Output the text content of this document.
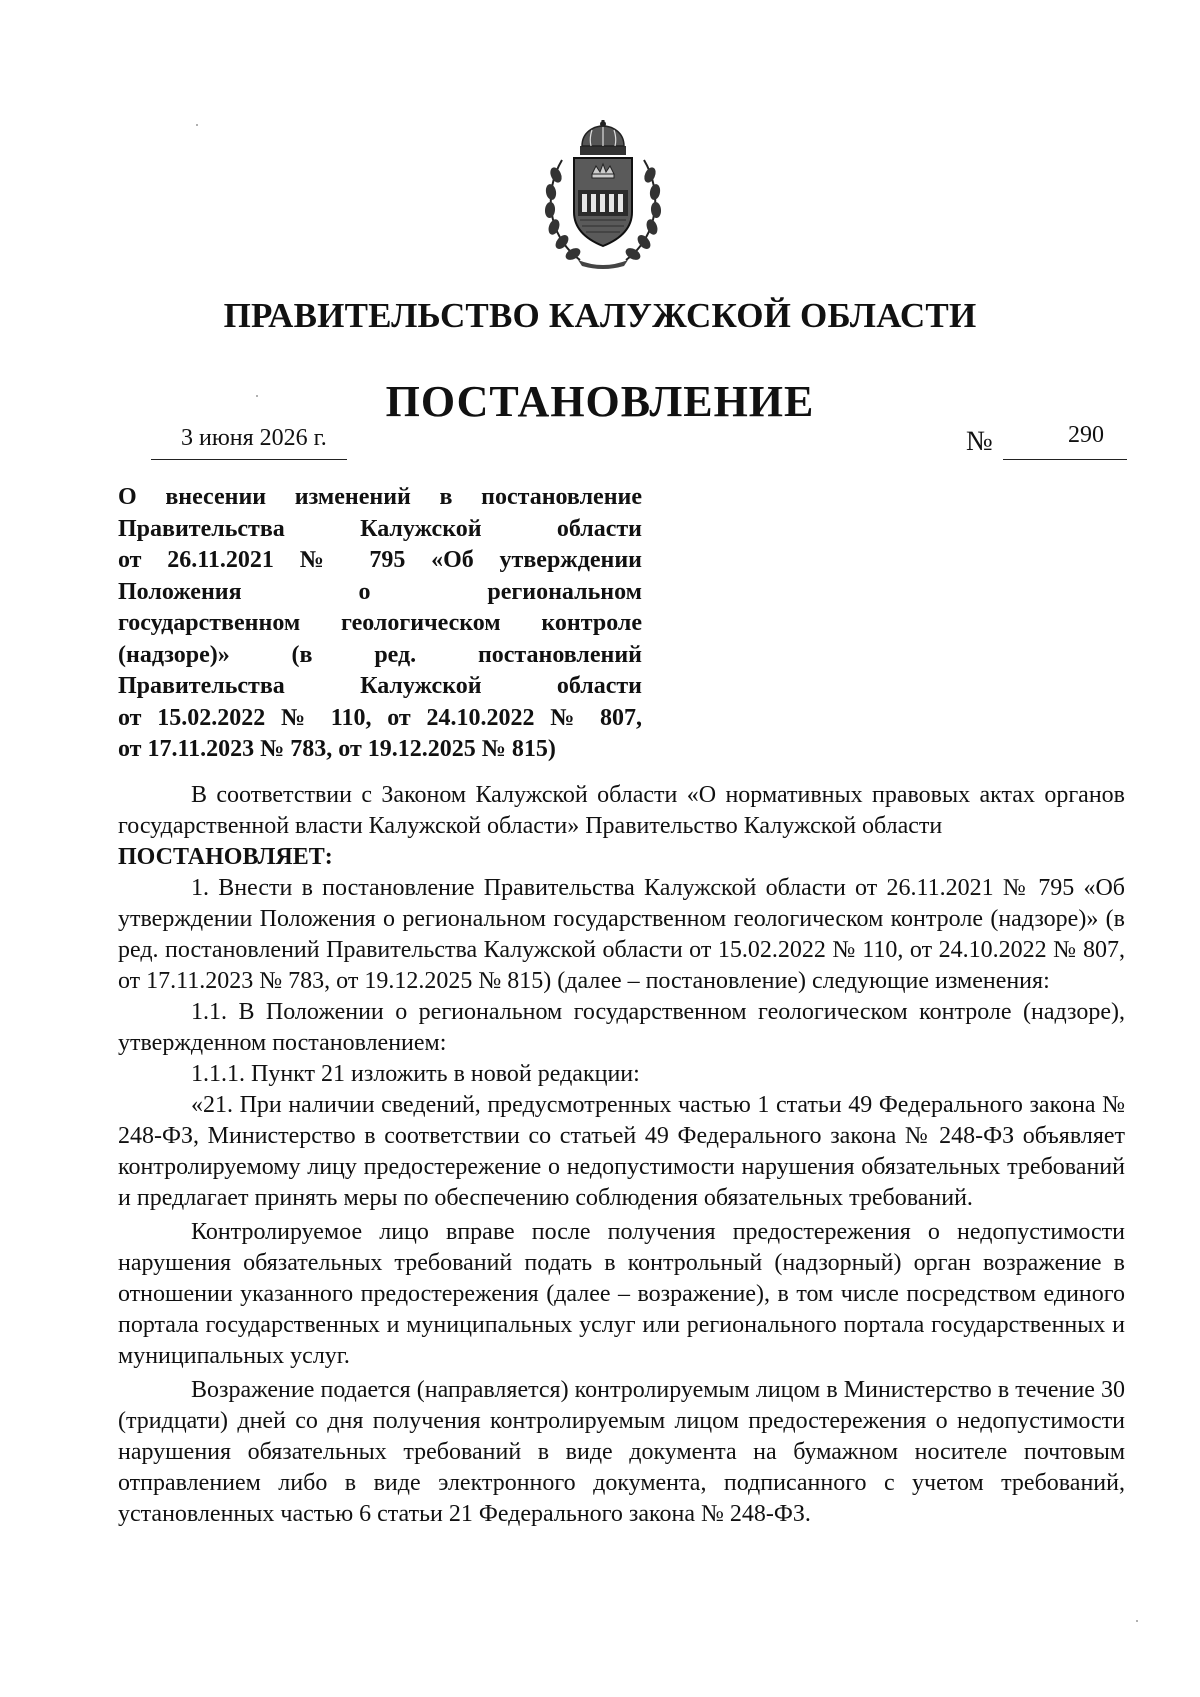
ПРАВИТЕЛЬСТВО КАЛУЖСКОЙ ОБЛАСТИ
ПОСТАНОВЛЕНИЕ
3 июня 2026 г.	№	290
О внесении изменений в постановление
Правительства Калужской области
от 26.11.2021 № 795 «Об утверждении
Положения о региональном
государственном геологическом контроле
(надзоре)» (в ред. постановлений
Правительства Калужской области
от 15.02.2022 № 110, от 24.10.2022 № 807,
от 17.11.2023 № 783, от 19.12.2025 № 815)

В соответствии с Законом Калужской области «О нормативных правовых актах органов государственной власти Калужской области» Правительство Калужской области

ПОСТАНОВЛЯЕТ:

1. Внести в постановление Правительства Калужской области от 26.11.2021 № 795 «Об утверждении Положения о региональном государственном геологическом контроле (надзоре)» (в ред. постановлений Правительства Калужской области от 15.02.2022 № 110, от 24.10.2022 № 807, от 17.11.2023 № 783, от 19.12.2025 № 815) (далее – постановление) следующие изменения:

1.1. В Положении о региональном государственном геологическом контроле (надзоре), утвержденном постановлением:

1.1.1. Пункт 21 изложить в новой редакции:

«21. При наличии сведений, предусмотренных частью 1 статьи 49 Федерального закона № 248-ФЗ, Министерство в соответствии со статьей 49 Федерального закона № 248-ФЗ объявляет контролируемому лицу предостережение о недопустимости нарушения обязательных требований и предлагает принять меры по обеспечению соблюдения обязательных требований.

Контролируемое лицо вправе после получения предостережения о недопустимости нарушения обязательных требований подать в контрольный (надзорный) орган возражение в отношении указанного предостережения (далее – возражение), в том числе посредством единого портала государственных и муниципальных услуг или регионального портала государственных и муниципальных услуг.

Возражение подается (направляется) контролируемым лицом в Министерство в течение 30 (тридцати) дней со дня получения контролируемым лицом предостережения о недопустимости нарушения обязательных требований в виде документа на бумажном носителе почтовым отправлением либо в виде электронного документа, подписанного с учетом требований, установленных частью 6 статьи 21 Федерального закона № 248-ФЗ.
